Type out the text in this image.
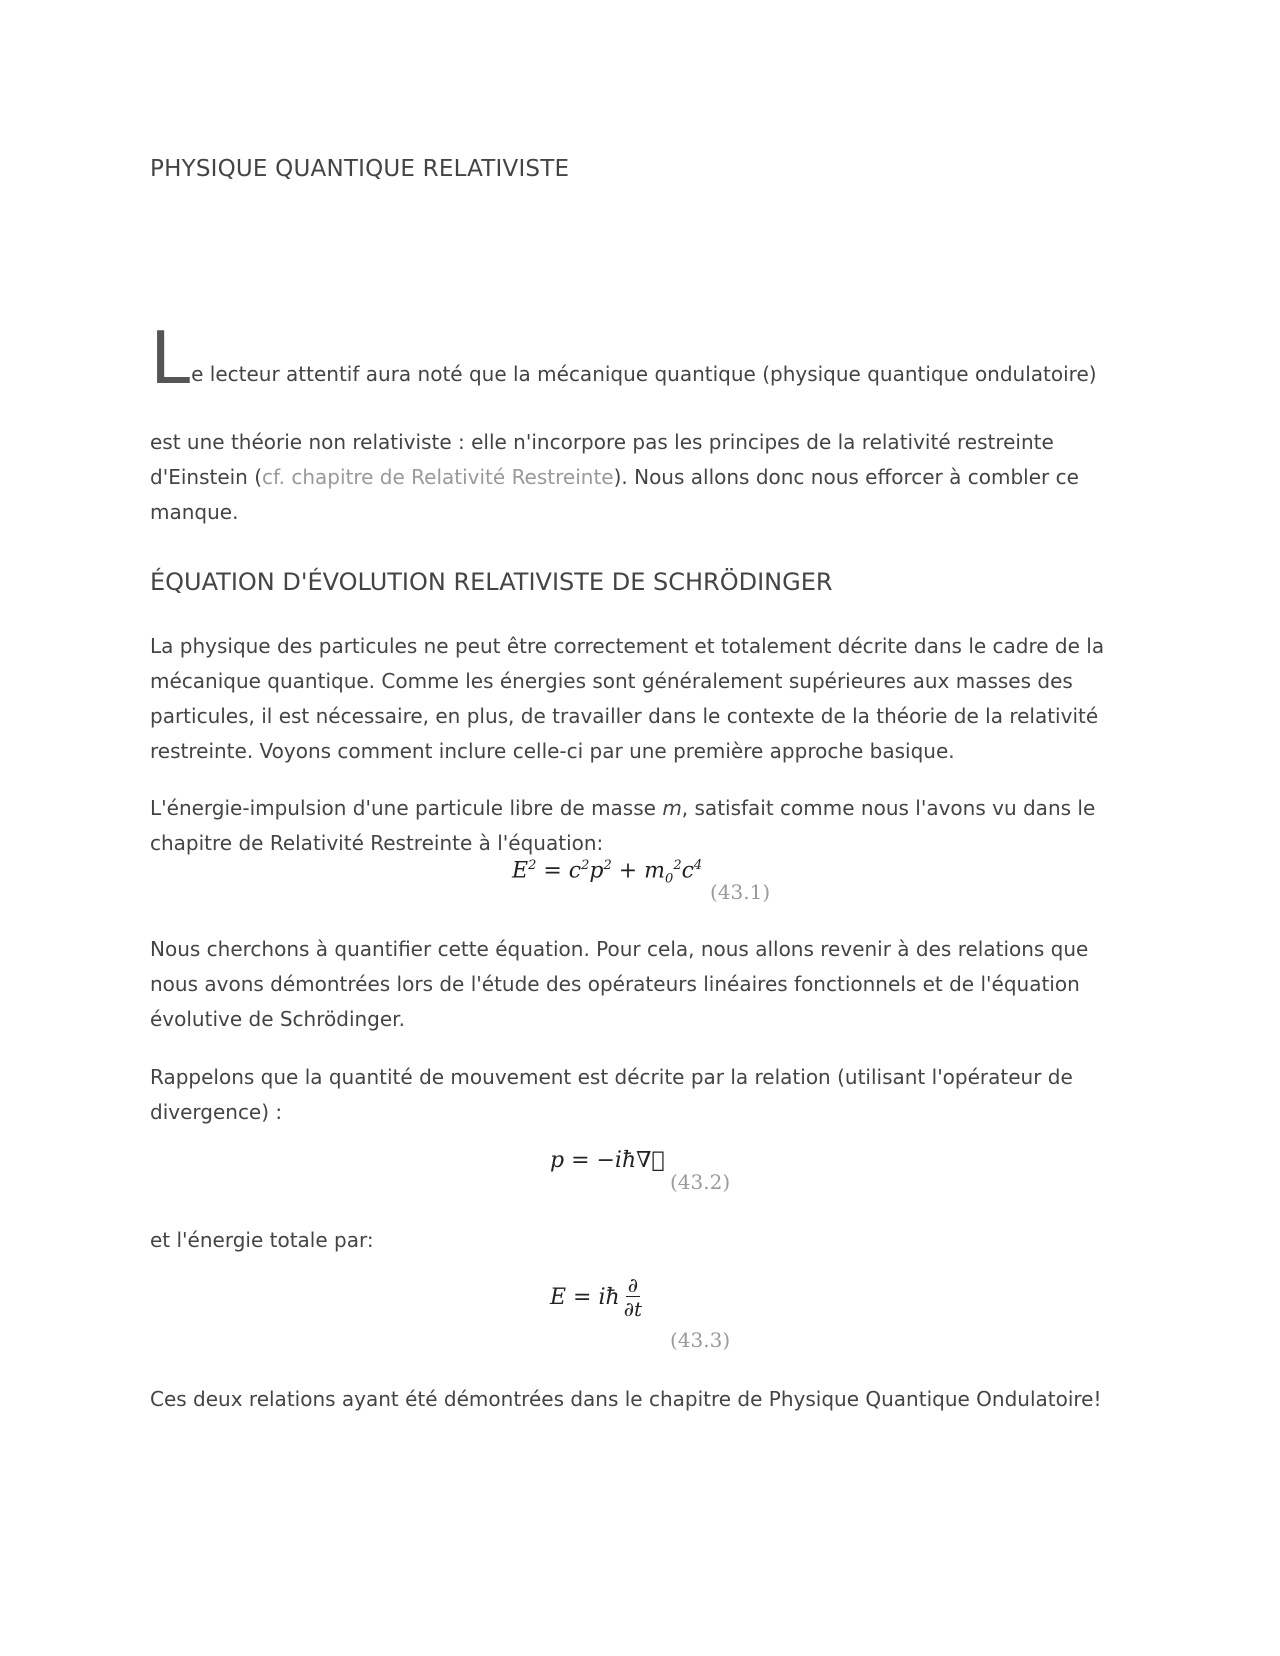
PHYSIQUE QUANTIQUE RELATIVISTE

Le lecteur attentif aura noté que la mécanique quantique (physique quantique ondulatoire)

est une théorie non relativiste : elle n'incorpore pas les principes de la relativité restreinte d'Einstein (cf. chapitre de Relativité Restreinte). Nous allons donc nous efforcer à combler ce manque.

ÉQUATION D'ÉVOLUTION RELATIVISTE DE SCHRÖDINGER

La physique des particules ne peut être correctement et totalement décrite dans le cadre de la mécanique quantique. Comme les énergies sont généralement supérieures aux masses des particules, il est nécessaire, en plus, de travailler dans le contexte de la théorie de la relativité restreinte. Voyons comment inclure celle-ci par une première approche basique.

L'énergie-impulsion d'une particule libre de masse m, satisfait comme nous l'avons vu dans le chapitre de Relativité Restreinte à l'équation:

$E^2 = c^2p^2 + m_0^2c^4$
(43.1)

Nous cherchons à quantifier cette équation. Pour cela, nous allons revenir à des relations que nous avons démontrées lors de l'étude des opérateurs linéaires fonctionnels et de l'équation évolutive de Schrödinger.

Rappelons que la quantité de mouvement est décrite par la relation (utilisant l'opérateur de divergence) :

p = −iħ∇⃗
(43.2)

et l'énergie totale par:

E = iħ $\frac{\partial}{\partial t}$
(43.3)

Ces deux relations ayant été démontrées dans le chapitre de Physique Quantique Ondulatoire!
